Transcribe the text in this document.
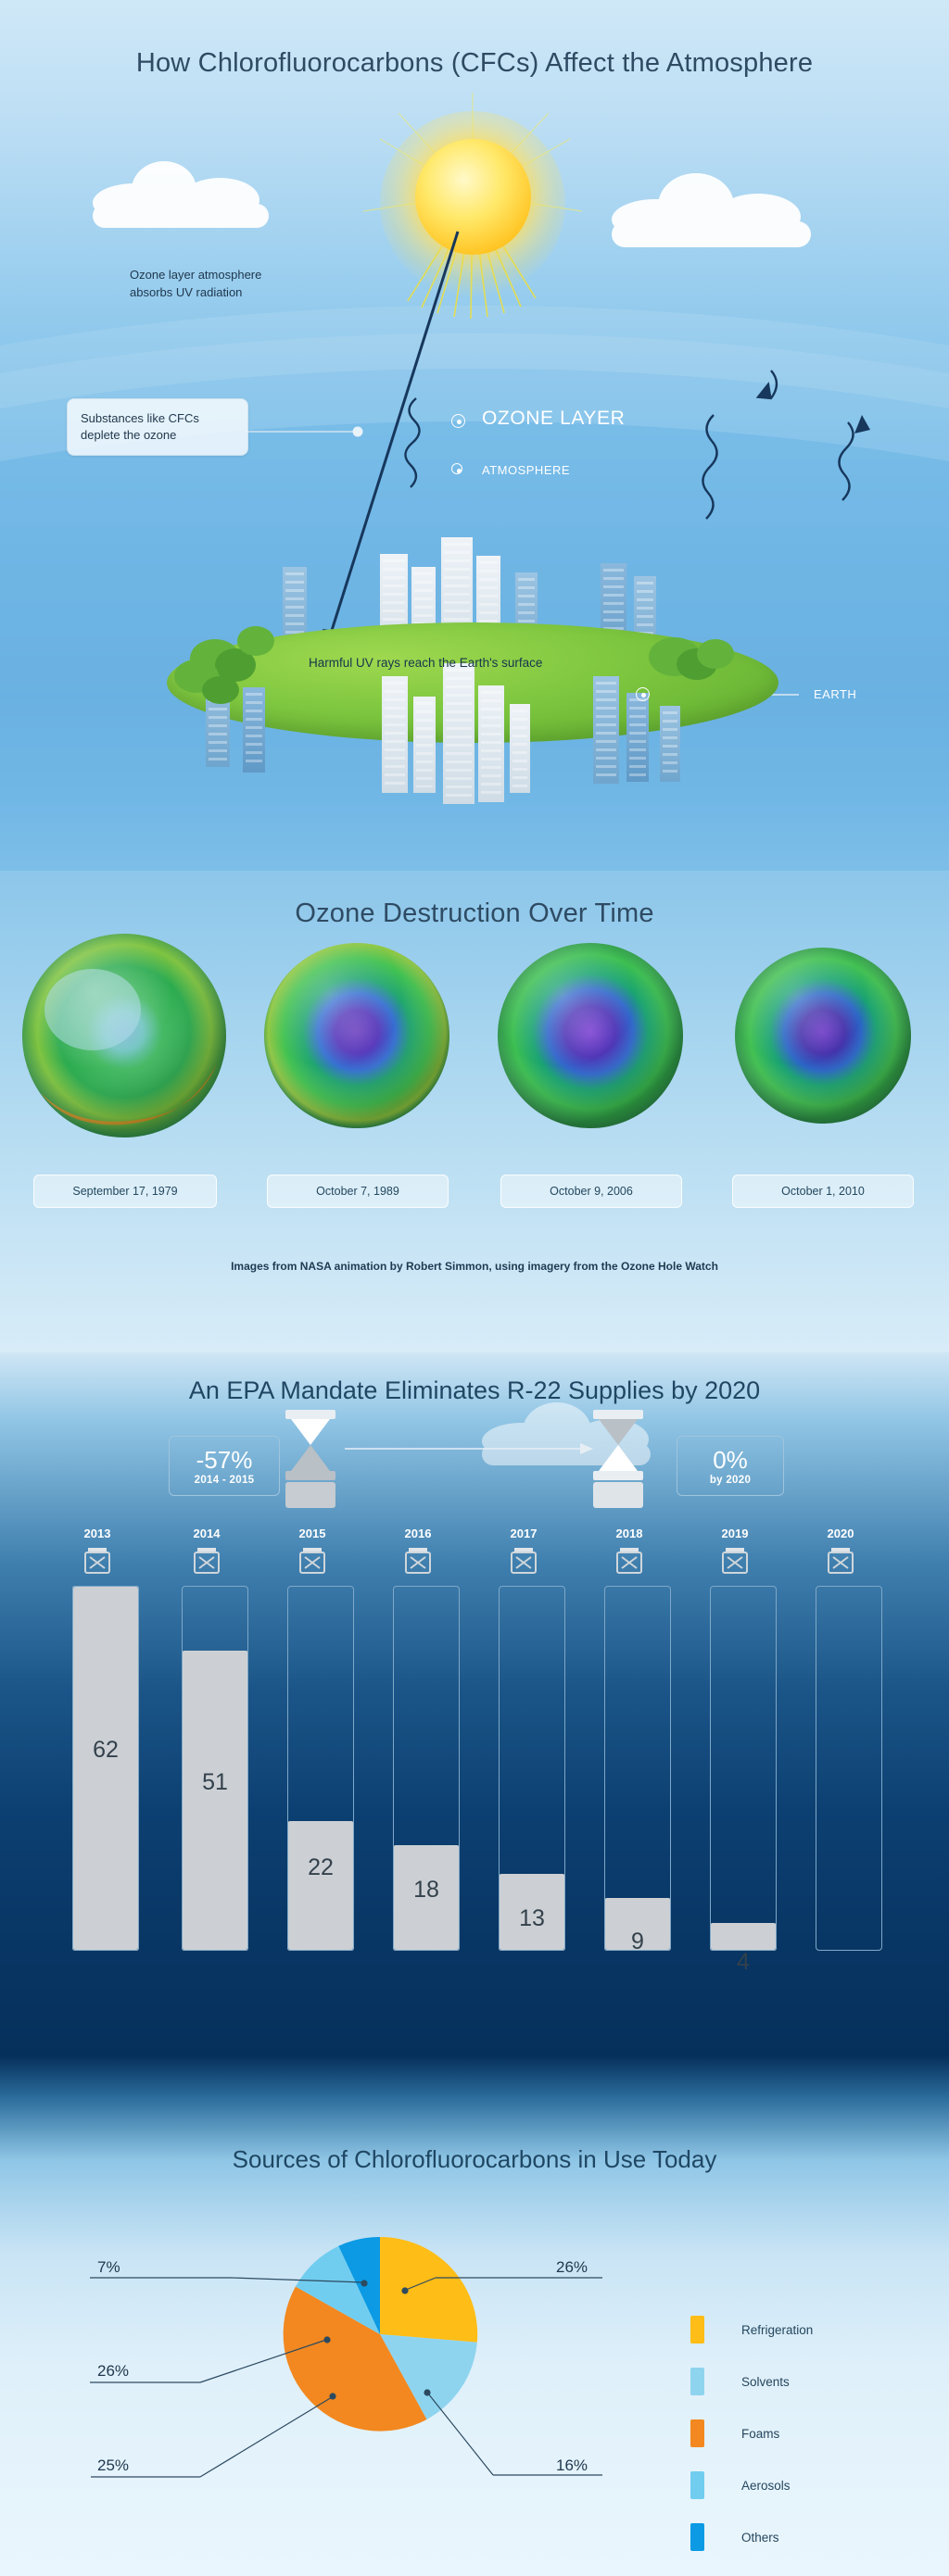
How Chlorofluorocarbons (CFCs) Affect the Atmosphere
Ozone layer atmosphere
absorbs UV radiation
Substances like CFCs
deplete the ozone
OZONE LAYER
ATMOSPHERE
Harmful UV rays reach the Earth's surface
EARTH
Ozone Destruction Over Time
September 17, 1979	October 7, 1989	October 9, 2006	October 1, 2010
Images from NASA animation by Robert Simmon, using imagery from the Ozone Hole Watch
An EPA Mandate Eliminates R-22 Supplies by 2020
-57%
2014 - 2015
0%
by 2020
2013
62
2014
51
2015
22
2016
18
2017
13
2018
9
2019
4
2020
Sources of Chlorofluorocarbons in Use Today
7%	26%
26%
25%	16%
Refrigeration
Solvents
Foams
Aerosols
Others
